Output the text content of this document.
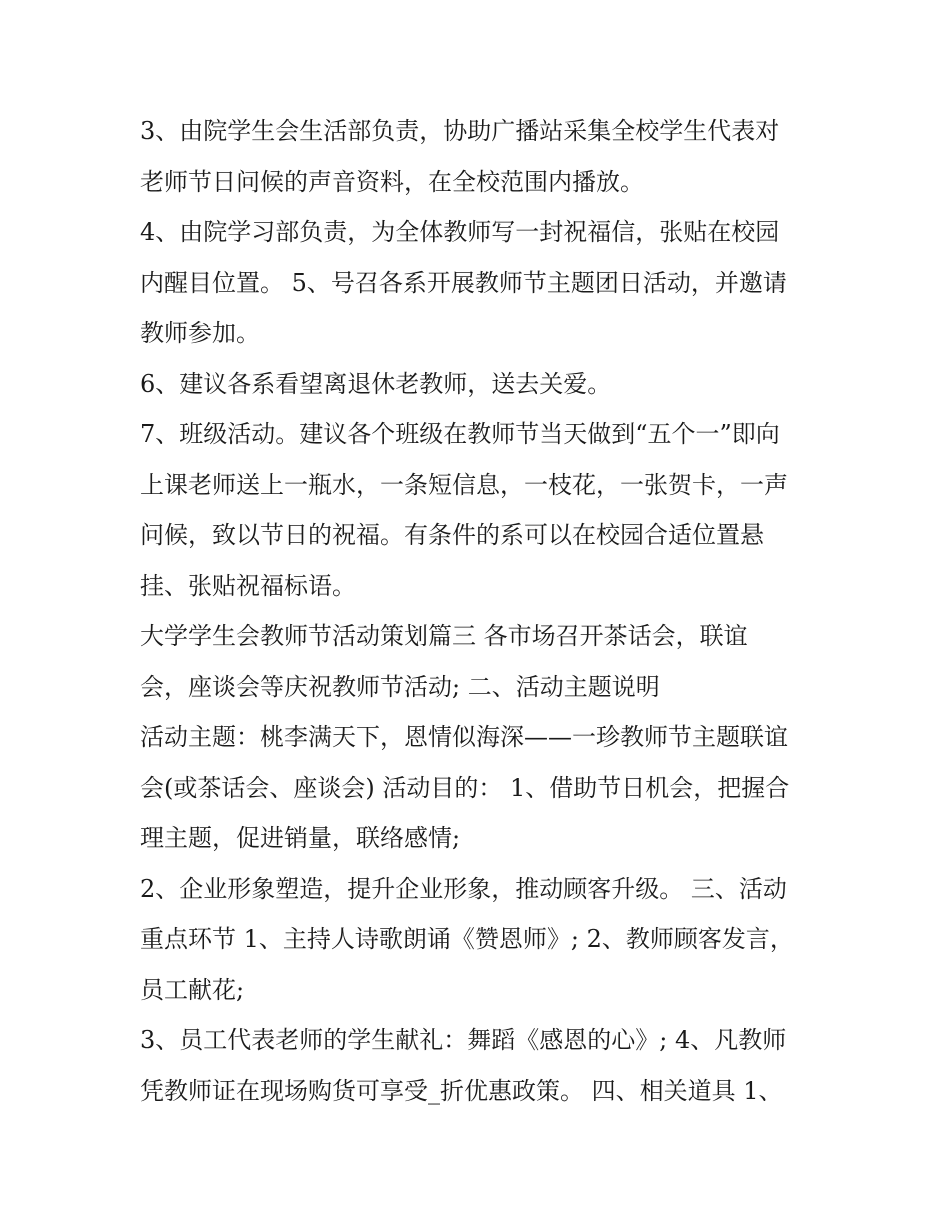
3、由院学生会生活部负责，协助广播站采集全校学生代表对

老师节日问候的声音资料，在全校范围内播放。

4、由院学习部负责，为全体教师写一封祝福信，张贴在校园

内醒目位置。 5、号召各系开展教师节主题团日活动，并邀请

教师参加。

6、建议各系看望离退休老教师，送去关爱。

7、班级活动。建议各个班级在教师节当天做到“五个一”即向

上课老师送上一瓶水，一条短信息，一枝花，一张贺卡，一声

问候，致以节日的祝福。有条件的系可以在校园合适位置悬

挂、张贴祝福标语。

大学学生会教师节活动策划篇三 各市场召开茶话会，联谊

会，座谈会等庆祝教师节活动; 二、活动主题说明

活动主题：桃李满天下，恩情似海深——一珍教师节主题联谊

会(或茶话会、座谈会) 活动目的： 1、借助节日机会，把握合

理主题，促进销量，联络感情;

2、企业形象塑造，提升企业形象，推动顾客升级。 三、活动

重点环节 1、主持人诗歌朗诵《赞恩师》; 2、教师顾客发言，

员工献花;

3、员工代表老师的学生献礼：舞蹈《感恩的心》; 4、凡教师

凭教师证在现场购货可享受_折优惠政策。 四、相关道具 1、
